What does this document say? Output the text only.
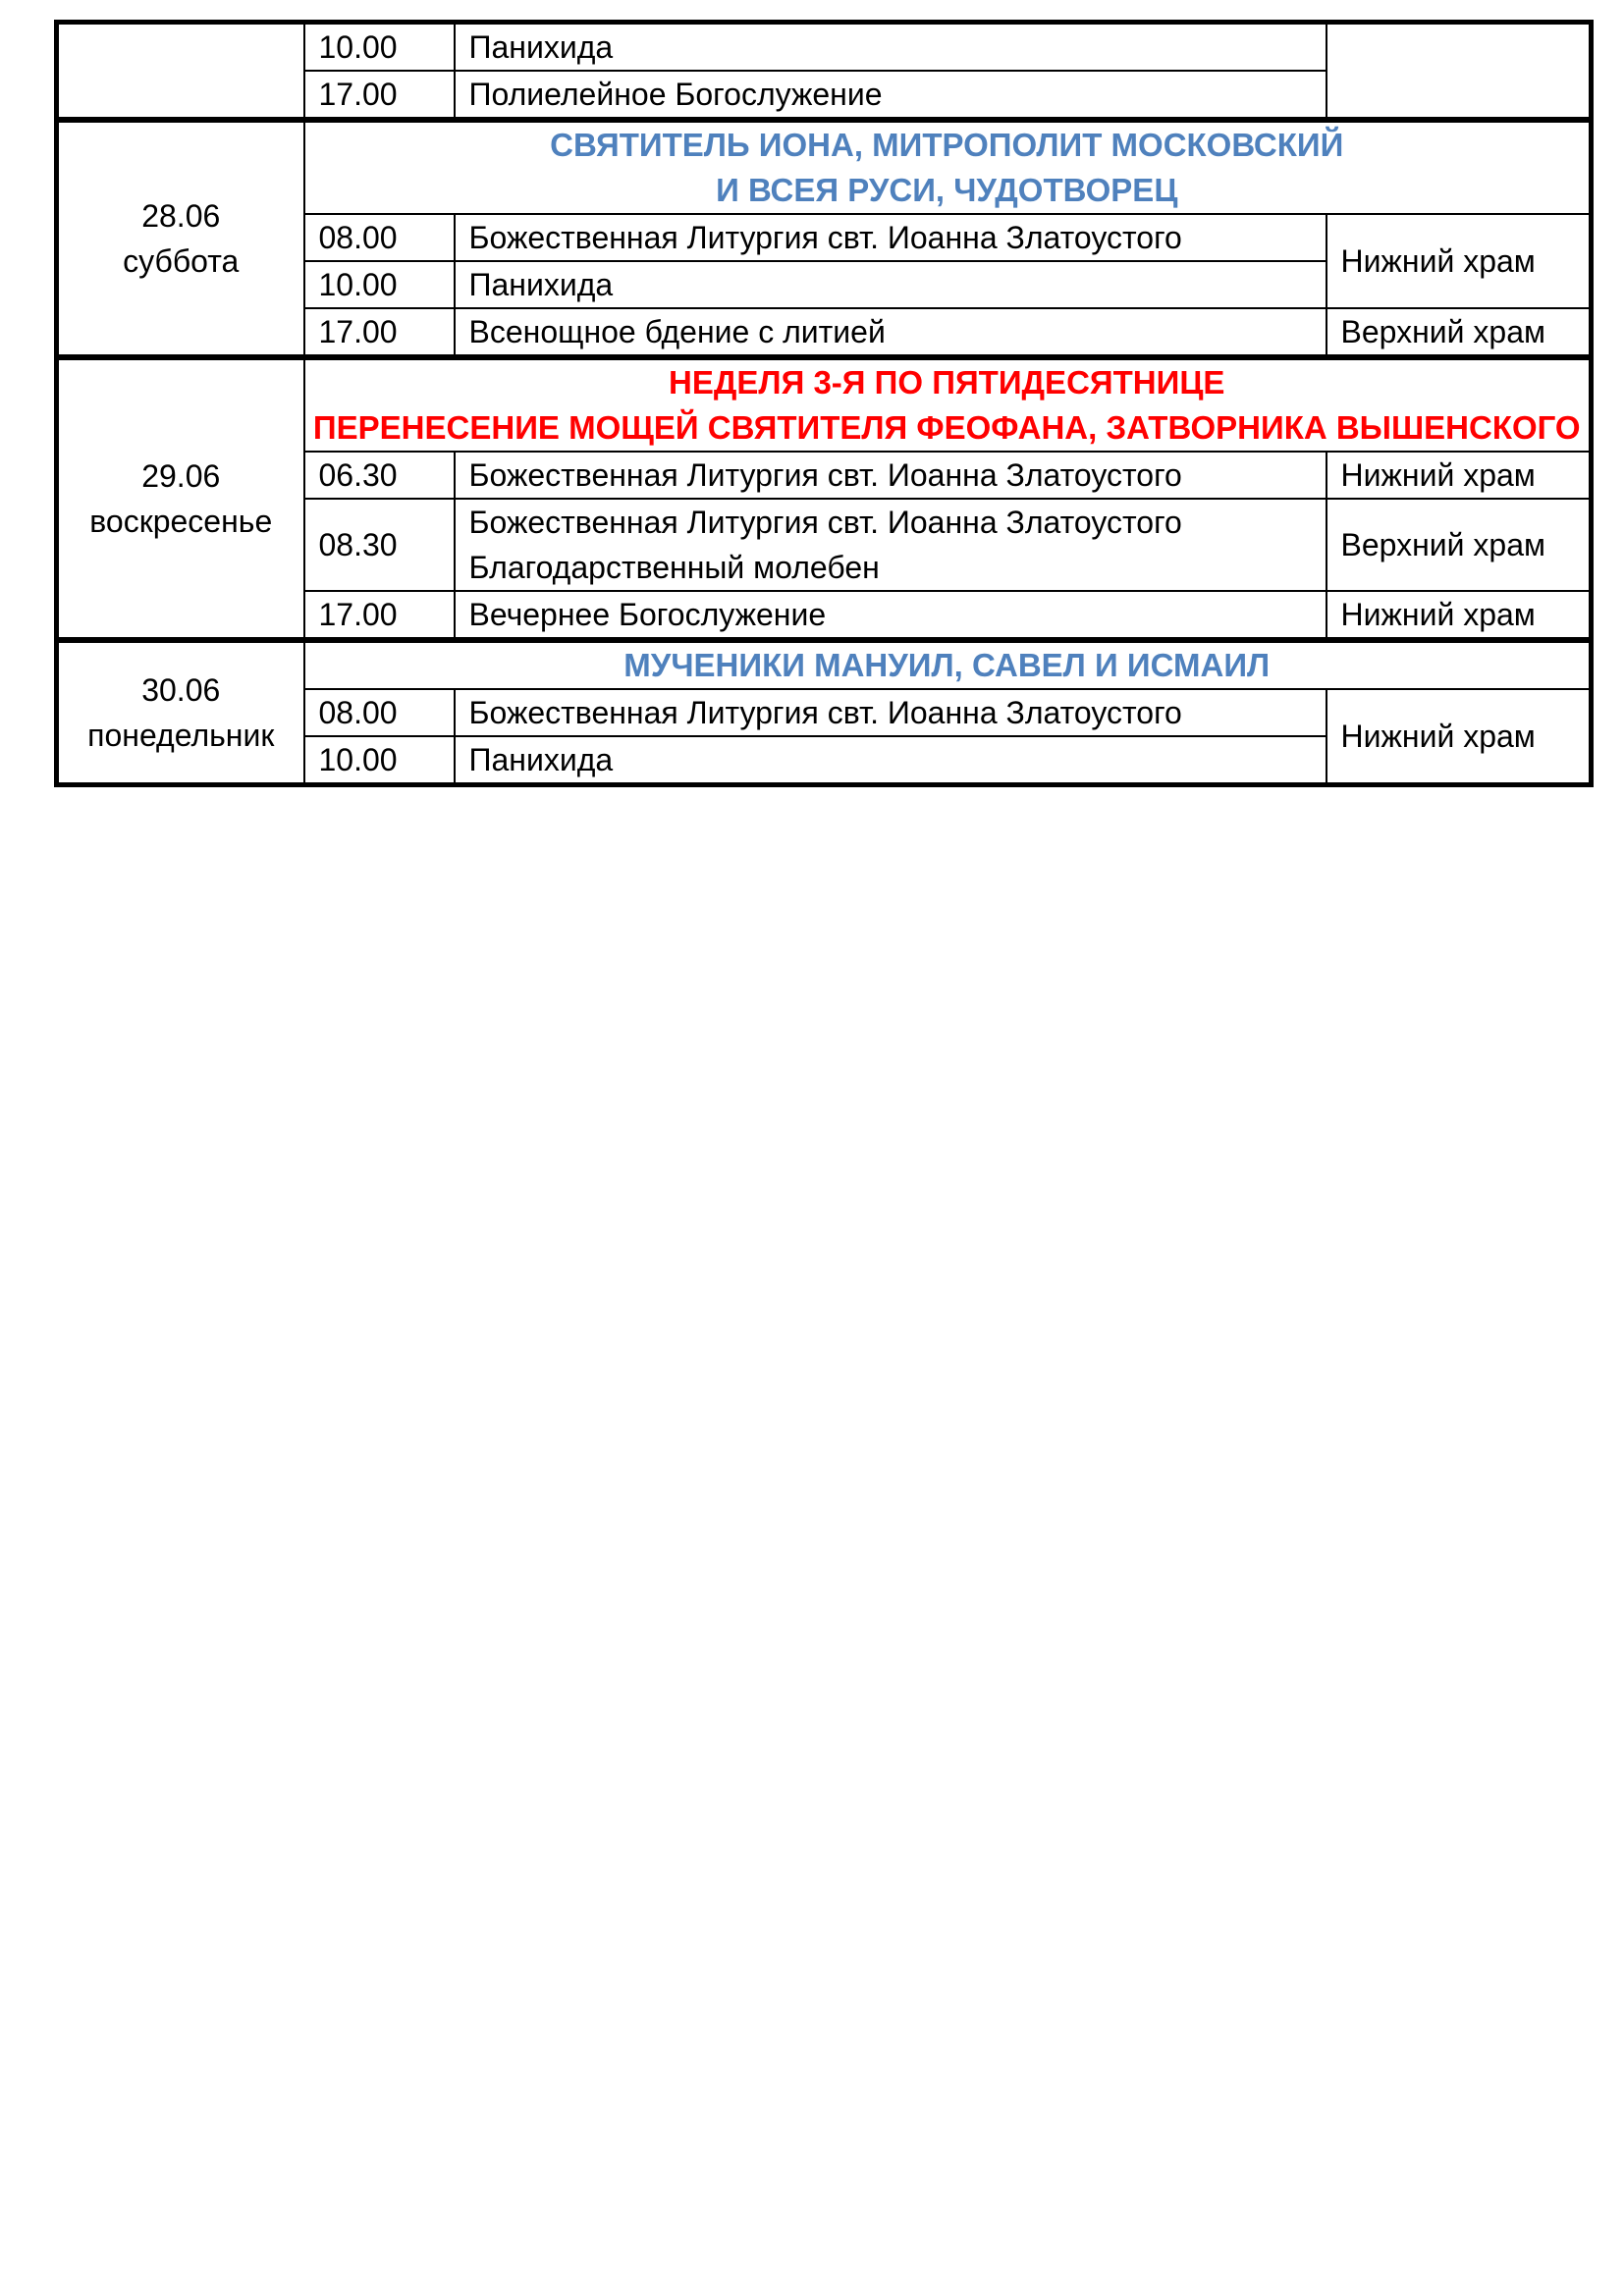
	10.00	Панихида	
	17.00	Полиелейное Богослужение	

28.06
суббота	СВЯТИТЕЛЬ ИОНА, МИТРОПОЛИТ МОСКОВСКИЙ
И ВСЕЯ РУСИ, ЧУДОТВОРЕЦ		

	08.00	Божественная Литургия свт. Иоанна Златоустого	Нижний храм
	10.00	Панихида	
	17.00	Всенощное бдение с литией	Верхний храм

29.06
воскресенье	НЕДЕЛЯ 3-Я ПО ПЯТИДЕСЯТНИЦЕ
ПЕРЕНЕСЕНИЕ МОЩЕЙ СВЯТИТЕЛЯ ФЕОФАНА, ЗАТВОРНИКА ВЫШЕНСКОГО		

	06.30	Божественная Литургия свт. Иоанна Златоустого	Нижний храм
	08.30	Божественная Литургия свт. Иоанна Златоустого
Благодарственный молебен	Верхний храм
	17.00	Вечернее Богослужение	Нижний храм

30.06
понедельник	МУЧЕНИКИ МАНУИЛ, САВЕЛ И ИСМАИЛ		

	08.00	Божественная Литургия свт. Иоанна Златоустого	Нижний храм
	10.00	Панихида	
